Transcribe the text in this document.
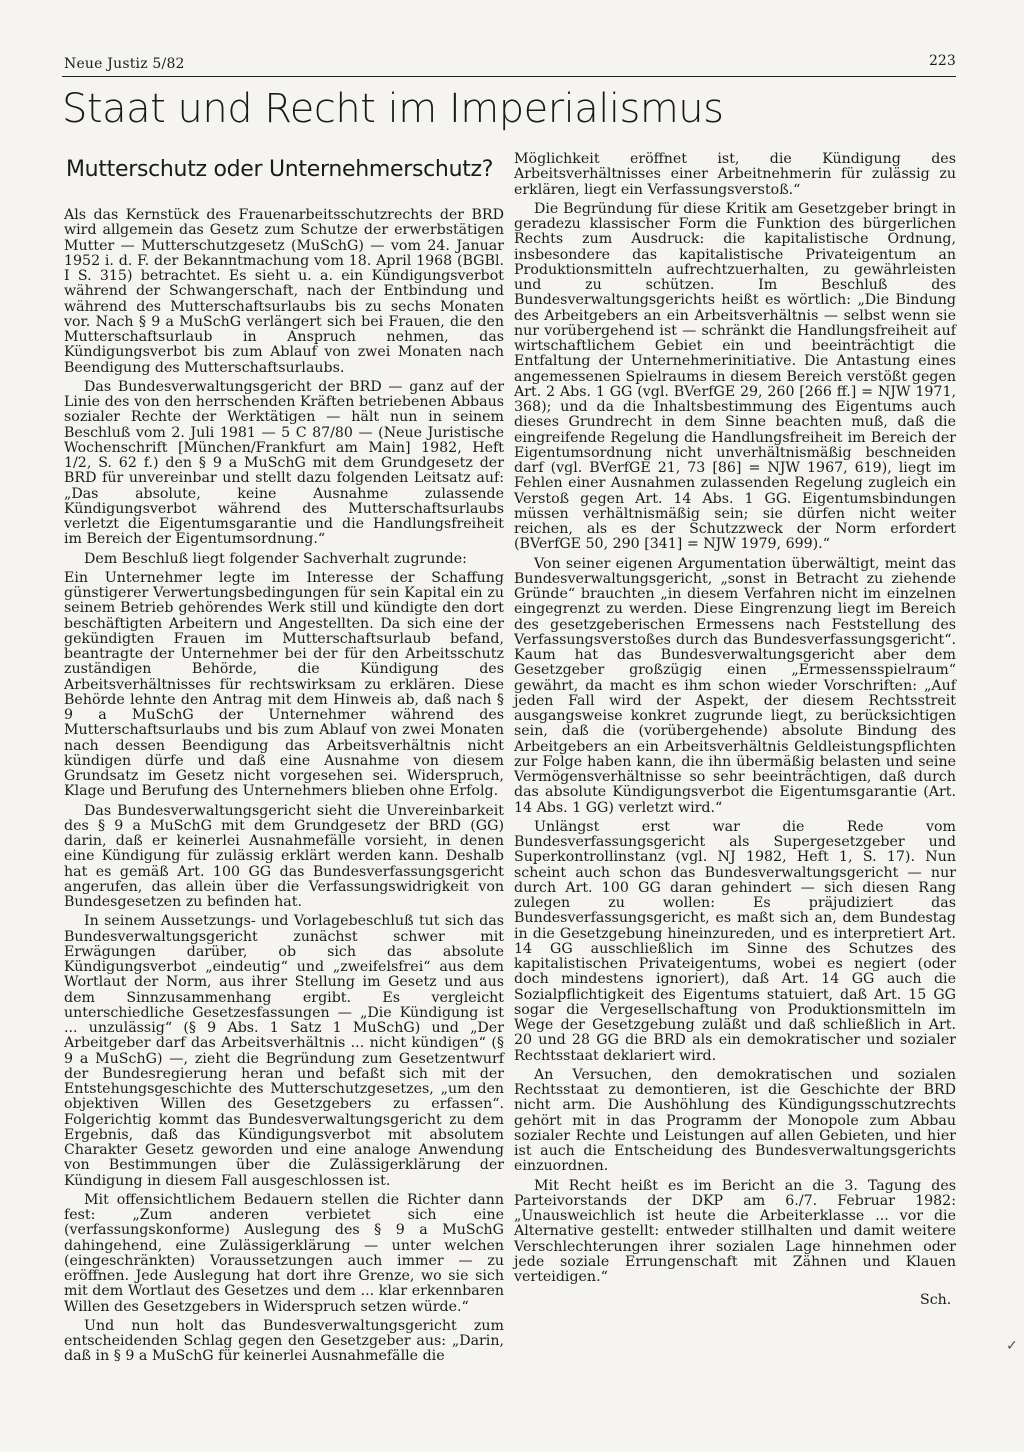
Neue Justiz 5/82	223
Staat und Recht im Imperialismus
Mutterschutz oder Unternehmerschutz?

Als das Kernstück des Frauenarbeitsschutzrechts der BRD wird allgemein das Gesetz zum Schutze der erwerbstätigen Mutter — Mutterschutzgesetz (MuSchG) — vom 24. Januar 1952 i. d. F. der Bekanntmachung vom 18. April 1968 (BGBl. I S. 315) betrachtet. Es sieht u. a. ein Kündigungsverbot während der Schwangerschaft, nach der Entbindung und während des Mutterschaftsurlaubs bis zu sechs Monaten vor. Nach § 9 a MuSchG verlängert sich bei Frauen, die den Mutterschaftsurlaub in Anspruch nehmen, das Kündigungsverbot bis zum Ablauf von zwei Monaten nach Beendigung des Mutterschaftsurlaubs.

Das Bundesverwaltungsgericht der BRD — ganz auf der Linie des von den herrschenden Kräften betriebenen Abbaus sozialer Rechte der Werktätigen — hält nun in seinem Beschluß vom 2. Juli 1981 — 5 C 87/80 — (Neue Juristische Wochenschrift [München/Frankfurt am Main] 1982, Heft 1/2, S. 62 f.) den § 9 a MuSchG mit dem Grundgesetz der BRD für unvereinbar und stellt dazu folgenden Leitsatz auf: „Das absolute, keine Ausnahme zulassende Kündigungsverbot während des Mutterschaftsurlaubs verletzt die Eigentumsgarantie und die Handlungsfreiheit im Bereich der Eigentumsordnung.“

Dem Beschluß liegt folgender Sachverhalt zugrunde:

Ein Unternehmer legte im Interesse der Schaffung günstigerer Verwertungsbedingungen für sein Kapital ein zu seinem Betrieb gehörendes Werk still und kündigte den dort beschäftigten Arbeitern und Angestellten. Da sich eine der gekündigten Frauen im Mutterschaftsurlaub befand, beantragte der Unternehmer bei der für den Arbeitsschutz zuständigen Behörde, die Kündigung des Arbeitsverhältnisses für rechtswirksam zu erklären. Diese Behörde lehnte den Antrag mit dem Hinweis ab, daß nach § 9 a MuSchG der Unternehmer während des Mutterschaftsurlaubs und bis zum Ablauf von zwei Monaten nach dessen Beendigung das Arbeitsverhältnis nicht kündigen dürfe und daß eine Ausnahme von diesem Grundsatz im Gesetz nicht vorgesehen sei. Widerspruch, Klage und Berufung des Unternehmers blieben ohne Erfolg.

Das Bundesverwaltungsgericht sieht die Unvereinbarkeit des § 9 a MuSchG mit dem Grundgesetz der BRD (GG) darin, daß er keinerlei Ausnahmefälle vorsieht, in denen eine Kündigung für zulässig erklärt werden kann. Deshalb hat es gemäß Art. 100 GG das Bundesverfassungsgericht angerufen, das allein über die Verfassungswidrigkeit von Bundesgesetzen zu befinden hat.

In seinem Aussetzungs- und Vorlagebeschluß tut sich das Bundesverwaltungsgericht zunächst schwer mit Erwägungen darüber, ob sich das absolute Kündigungsverbot „eindeutig“ und „zweifelsfrei“ aus dem Wortlaut der Norm, aus ihrer Stellung im Gesetz und aus dem Sinnzusammenhang ergibt. Es vergleicht unterschiedliche Gesetzesfassungen — „Die Kündigung ist ... unzulässig“ (§ 9 Abs. 1 Satz 1 MuSchG) und „Der Arbeitgeber darf das Arbeitsverhältnis ... nicht kündigen“ (§ 9 a MuSchG) —, zieht die Begründung zum Gesetzentwurf der Bundesregierung heran und befaßt sich mit der Entstehungsgeschichte des Mutterschutzgesetzes, „um den objektiven Willen des Gesetzgebers zu erfassen“. Folgerichtig kommt das Bundesverwaltungsgericht zu dem Ergebnis, daß das Kündigungsverbot mit absolutem Charakter Gesetz geworden und eine analoge Anwendung von Bestimmungen über die Zulässigerklärung der Kündigung in diesem Fall ausgeschlossen ist.

Mit offensichtlichem Bedauern stellen die Richter dann fest: „Zum anderen verbietet sich eine (verfassungskonforme) Auslegung des § 9 a MuSchG dahingehend, eine Zulässigerklärung — unter welchen (eingeschränkten) Voraussetzungen auch immer — zu eröffnen. Jede Auslegung hat dort ihre Grenze, wo sie sich mit dem Wortlaut des Gesetzes und dem ... klar erkennbaren Willen des Gesetzgebers in Widerspruch setzen würde.“

Und nun holt das Bundesverwaltungsgericht zum entscheidenden Schlag gegen den Gesetzgeber aus: „Darin, daß in § 9 a MuSchG für keinerlei Ausnahmefälle die

Möglichkeit eröffnet ist, die Kündigung des Arbeitsverhältnisses einer Arbeitnehmerin für zulässig zu erklären, liegt ein Verfassungsverstoß.“

Die Begründung für diese Kritik am Gesetzgeber bringt in geradezu klassischer Form die Funktion des bürgerlichen Rechts zum Ausdruck: die kapitalistische Ordnung, insbesondere das kapitalistische Privateigentum an Produktionsmitteln aufrechtzuerhalten, zu gewährleisten und zu schützen. Im Beschluß des Bundesverwaltungsgerichts heißt es wörtlich: „Die Bindung des Arbeitgebers an ein Arbeitsverhältnis — selbst wenn sie nur vorübergehend ist — schränkt die Handlungsfreiheit auf wirtschaftlichem Gebiet ein und beeinträchtigt die Entfaltung der Unternehmerinitiative. Die Antastung eines angemessenen Spielraums in diesem Bereich verstößt gegen Art. 2 Abs. 1 GG (vgl. BVerfGE 29, 260 [266 ff.] = NJW 1971, 368); und da die Inhaltsbestimmung des Eigentums auch dieses Grundrecht in dem Sinne beachten muß, daß die eingreifende Regelung die Handlungsfreiheit im Bereich der Eigentumsordnung nicht unverhältnismäßig beschneiden darf (vgl. BVerfGE 21, 73 [86] = NJW 1967, 619), liegt im Fehlen einer Ausnahmen zulassenden Regelung zugleich ein Verstoß gegen Art. 14 Abs. 1 GG. Eigentumsbindungen müssen verhältnismäßig sein; sie dürfen nicht weiter reichen, als es der Schutzzweck der Norm erfordert (BVerfGE 50, 290 [341] = NJW 1979, 699).“

Von seiner eigenen Argumentation überwältigt, meint das Bundesverwaltungsgericht, „sonst in Betracht zu ziehende Gründe“ brauchten „in diesem Verfahren nicht im einzelnen eingegrenzt zu werden. Diese Eingrenzung liegt im Bereich des gesetzgeberischen Ermessens nach Feststellung des Verfassungsverstoßes durch das Bundesverfassungsgericht“. Kaum hat das Bundesverwaltungsgericht aber dem Gesetzgeber großzügig einen „Ermessensspielraum“ gewährt, da macht es ihm schon wieder Vorschriften: „Auf jeden Fall wird der Aspekt, der diesem Rechtsstreit ausgangsweise konkret zugrunde liegt, zu berücksichtigen sein, daß die (vorübergehende) absolute Bindung des Arbeitgebers an ein Arbeitsverhältnis Geldleistungspflichten zur Folge haben kann, die ihn übermäßig belasten und seine Vermögensverhältnisse so sehr beeinträchtigen, daß durch das absolute Kündigungsverbot die Eigentumsgarantie (Art. 14 Abs. 1 GG) verletzt wird.“

Unlängst erst war die Rede vom Bundesverfassungsgericht als Supergesetzgeber und Superkontrollinstanz (vgl. NJ 1982, Heft 1, S. 17). Nun scheint auch schon das Bundesverwaltungsgericht — nur durch Art. 100 GG daran gehindert — sich diesen Rang zulegen zu wollen: Es präjudiziert das Bundesverfassungsgericht, es maßt sich an, dem Bundestag in die Gesetzgebung hineinzureden, und es interpretiert Art. 14 GG ausschließlich im Sinne des Schutzes des kapitalistischen Privateigentums, wobei es negiert (oder doch mindestens ignoriert), daß Art. 14 GG auch die Sozialpflichtigkeit des Eigentums statuiert, daß Art. 15 GG sogar die Vergesellschaftung von Produktionsmitteln im Wege der Gesetzgebung zuläßt und daß schließlich in Art. 20 und 28 GG die BRD als ein demokratischer und sozialer Rechtsstaat deklariert wird.

An Versuchen, den demokratischen und sozialen Rechtsstaat zu demontieren, ist die Geschichte der BRD nicht arm. Die Aushöhlung des Kündigungsschutzrechts gehört mit in das Programm der Monopole zum Abbau sozialer Rechte und Leistungen auf allen Gebieten, und hier ist auch die Entscheidung des Bundesverwaltungsgerichts einzuordnen.

Mit Recht heißt es im Bericht an die 3. Tagung des Parteivorstands der DKP am 6./7. Februar 1982: „Unausweichlich ist heute die Arbeiterklasse ... vor die Alternative gestellt: entweder stillhalten und damit weitere Verschlechterungen ihrer sozialen Lage hinnehmen oder jede soziale Errungenschaft mit Zähnen und Klauen verteidigen.“

Sch.
✓
